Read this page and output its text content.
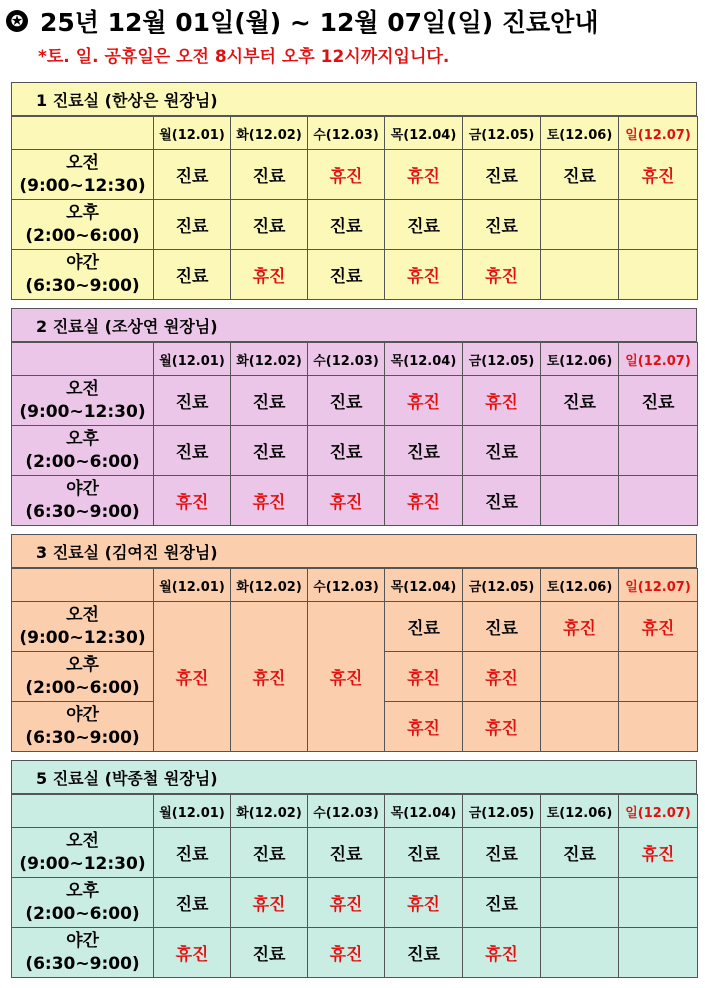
✪ 25년 12월 01일(월) ~ 12월 07일(일) 진료안내
*토. 일. 공휴일은 오전 8시부터 오후 12시까지입니다.
1 진료실 (한상은 원장님)
	월(12.01)	화(12.02)	수(12.03)	목(12.04)	금(12.05)	토(12.06)	일(12.07)

오전
(9:00~12:30)	진료	진료	휴진	휴진	진료	진료	휴진

오후
(2:00~6:00)	진료	진료	진료	진료	진료		

야간
(6:30~9:00)	진료	휴진	진료	휴진	휴진		
2 진료실 (조상연 원장님)
	월(12.01)	화(12.02)	수(12.03)	목(12.04)	금(12.05)	토(12.06)	일(12.07)

오전
(9:00~12:30)	진료	진료	진료	휴진	휴진	진료	진료

오후
(2:00~6:00)	진료	진료	진료	진료	진료		

야간
(6:30~9:00)	휴진	휴진	휴진	휴진	진료		
3 진료실 (김여진 원장님)
	월(12.01)	화(12.02)	수(12.03)	목(12.04)	금(12.05)	토(12.06)	일(12.07)

오전
(9:00~12:30)	휴진	휴진	휴진	진료	진료	휴진	휴진

오후
(2:00~6:00)				휴진	휴진		

야간
(6:30~9:00)				휴진	휴진		
5 진료실 (박종철 원장님)
	월(12.01)	화(12.02)	수(12.03)	목(12.04)	금(12.05)	토(12.06)	일(12.07)

오전
(9:00~12:30)	진료	진료	진료	진료	진료	진료	휴진

오후
(2:00~6:00)	진료	휴진	휴진	휴진	진료		

야간
(6:30~9:00)	휴진	진료	휴진	진료	휴진		
